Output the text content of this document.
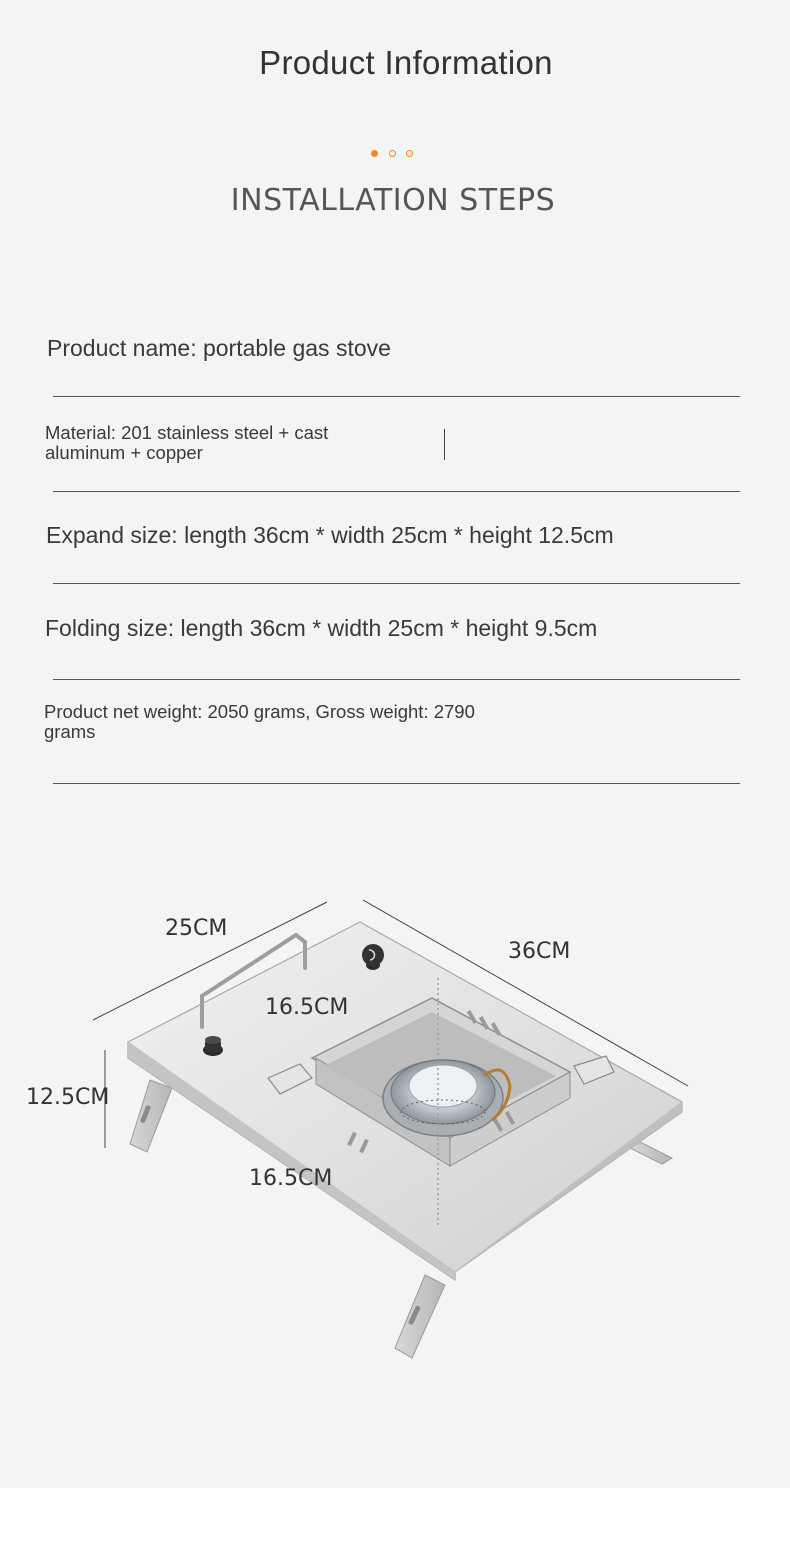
Product Information
INSTALLATION STEPS
Product name: portable gas stove
Material: 201 stainless steel + cast
aluminum + copper
Expand size: length 36cm * width 25cm * height 12.5cm
Folding size: length 36cm * width 25cm * height 9.5cm
Product net weight: 2050 grams, Gross weight: 2790
grams
25CM
36CM
16.5CM
12.5CM
16.5CM
